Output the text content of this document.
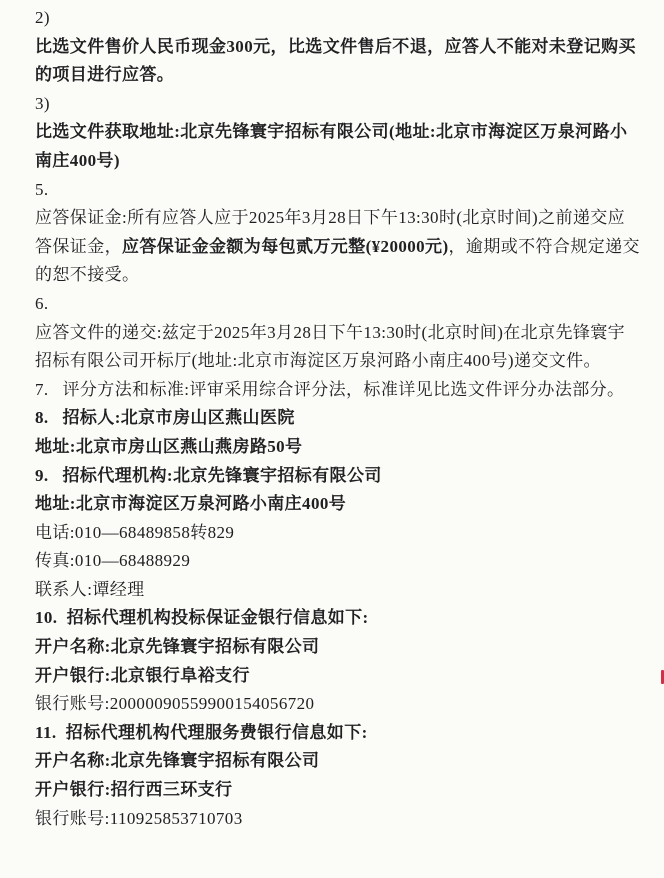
2)
比选文件售价人民币现金300元，比选文件售后不退，应答人不能对未登记购买
的项目进行应答。
3)
比选文件获取地址:北京先锋寰宇招标有限公司(地址:北京市海淀区万泉河路小
南庄400号)
5.
应答保证金:所有应答人应于2025年3月28日下午13:30时(北京时间)之前递交应
答保证金，应答保证金金额为每包贰万元整(¥20000元)，逾期或不符合规定递交
的恕不接受。
6.
应答文件的递交:兹定于2025年3月28日下午13:30时(北京时间)在北京先锋寰宇
招标有限公司开标厅(地址:北京市海淀区万泉河路小南庄400号)递交文件。
7.   评分方法和标准:评审采用综合评分法，标准详见比选文件评分办法部分。
8.   招标人:北京市房山区燕山医院
地址:北京市房山区燕山燕房路50号
9.   招标代理机构:北京先锋寰宇招标有限公司
地址:北京市海淀区万泉河路小南庄400号
电话:010—68489858转829
传真:010—68488929
联系人:谭经理
10.  招标代理机构投标保证金银行信息如下:
开户名称:北京先锋寰宇招标有限公司
开户银行:北京银行阜裕支行
银行账号:20000090559900154056720
11.  招标代理机构代理服务费银行信息如下:
开户名称:北京先锋寰宇招标有限公司
开户银行:招行西三环支行
银行账号:110925853710703
